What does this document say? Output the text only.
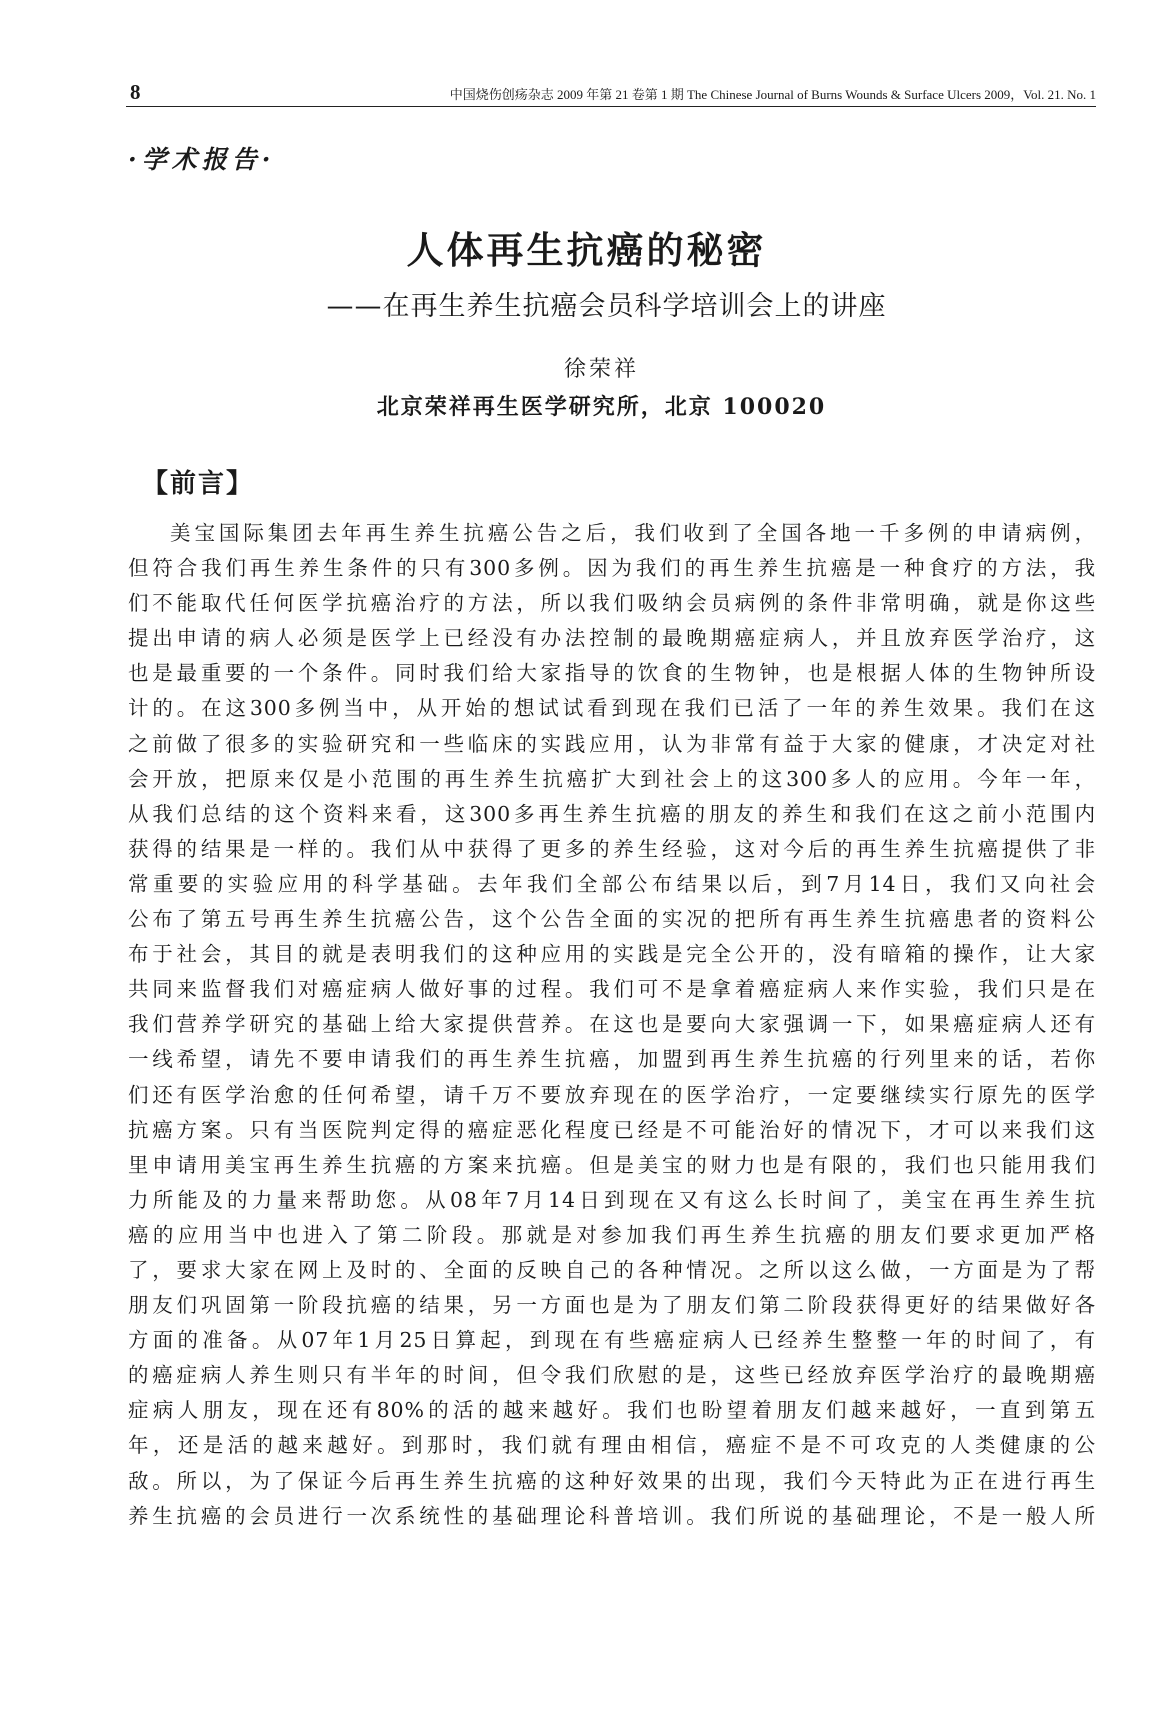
8	中国烧伤创疡杂志 2009 年第 21 卷第 1 期 The Chinese Journal of Burns Wounds & Surface Ulcers 2009，Vol. 21. No. 1
·学术报告·
人体再生抗癌的秘密
——在再生养生抗癌会员科学培训会上的讲座
徐荣祥
北京荣祥再生医学研究所，北京 100020
【前言】
美宝国际集团去年再生养生抗癌公告之后，我们收到了全国各地一千多例的申请病例，
但符合我们再生养生条件的只有300多例。因为我们的再生养生抗癌是一种食疗的方法，我
们不能取代任何医学抗癌治疗的方法，所以我们吸纳会员病例的条件非常明确，就是你这些
提出申请的病人必须是医学上已经没有办法控制的最晚期癌症病人，并且放弃医学治疗，这
也是最重要的一个条件。同时我们给大家指导的饮食的生物钟，也是根据人体的生物钟所设
计的。在这300多例当中，从开始的想试试看到现在我们已活了一年的养生效果。我们在这
之前做了很多的实验研究和一些临床的实践应用，认为非常有益于大家的健康，才决定对社
会开放，把原来仅是小范围的再生养生抗癌扩大到社会上的这300多人的应用。今年一年，
从我们总结的这个资料来看，这300多再生养生抗癌的朋友的养生和我们在这之前小范围内
获得的结果是一样的。我们从中获得了更多的养生经验，这对今后的再生养生抗癌提供了非
常重要的实验应用的科学基础。去年我们全部公布结果以后，到7月14日，我们又向社会
公布了第五号再生养生抗癌公告，这个公告全面的实况的把所有再生养生抗癌患者的资料公
布于社会，其目的就是表明我们的这种应用的实践是完全公开的，没有暗箱的操作，让大家
共同来监督我们对癌症病人做好事的过程。我们可不是拿着癌症病人来作实验，我们只是在
我们营养学研究的基础上给大家提供营养。在这也是要向大家强调一下，如果癌症病人还有
一线希望，请先不要申请我们的再生养生抗癌，加盟到再生养生抗癌的行列里来的话，若你
们还有医学治愈的任何希望，请千万不要放弃现在的医学治疗，一定要继续实行原先的医学
抗癌方案。只有当医院判定得的癌症恶化程度已经是不可能治好的情况下，才可以来我们这
里申请用美宝再生养生抗癌的方案来抗癌。但是美宝的财力也是有限的，我们也只能用我们
力所能及的力量来帮助您。从08年7月14日到现在又有这么长时间了，美宝在再生养生抗
癌的应用当中也进入了第二阶段。那就是对参加我们再生养生抗癌的朋友们要求更加严格
了，要求大家在网上及时的、全面的反映自己的各种情况。之所以这么做，一方面是为了帮
朋友们巩固第一阶段抗癌的结果，另一方面也是为了朋友们第二阶段获得更好的结果做好各
方面的准备。从07年1月25日算起，到现在有些癌症病人已经养生整整一年的时间了，有
的癌症病人养生则只有半年的时间，但令我们欣慰的是，这些已经放弃医学治疗的最晚期癌
症病人朋友，现在还有80%的活的越来越好。我们也盼望着朋友们越来越好，一直到第五
年，还是活的越来越好。到那时，我们就有理由相信，癌症不是不可攻克的人类健康的公
敌。所以，为了保证今后再生养生抗癌的这种好效果的出现，我们今天特此为正在进行再生
养生抗癌的会员进行一次系统性的基础理论科普培训。我们所说的基础理论，不是一般人所
